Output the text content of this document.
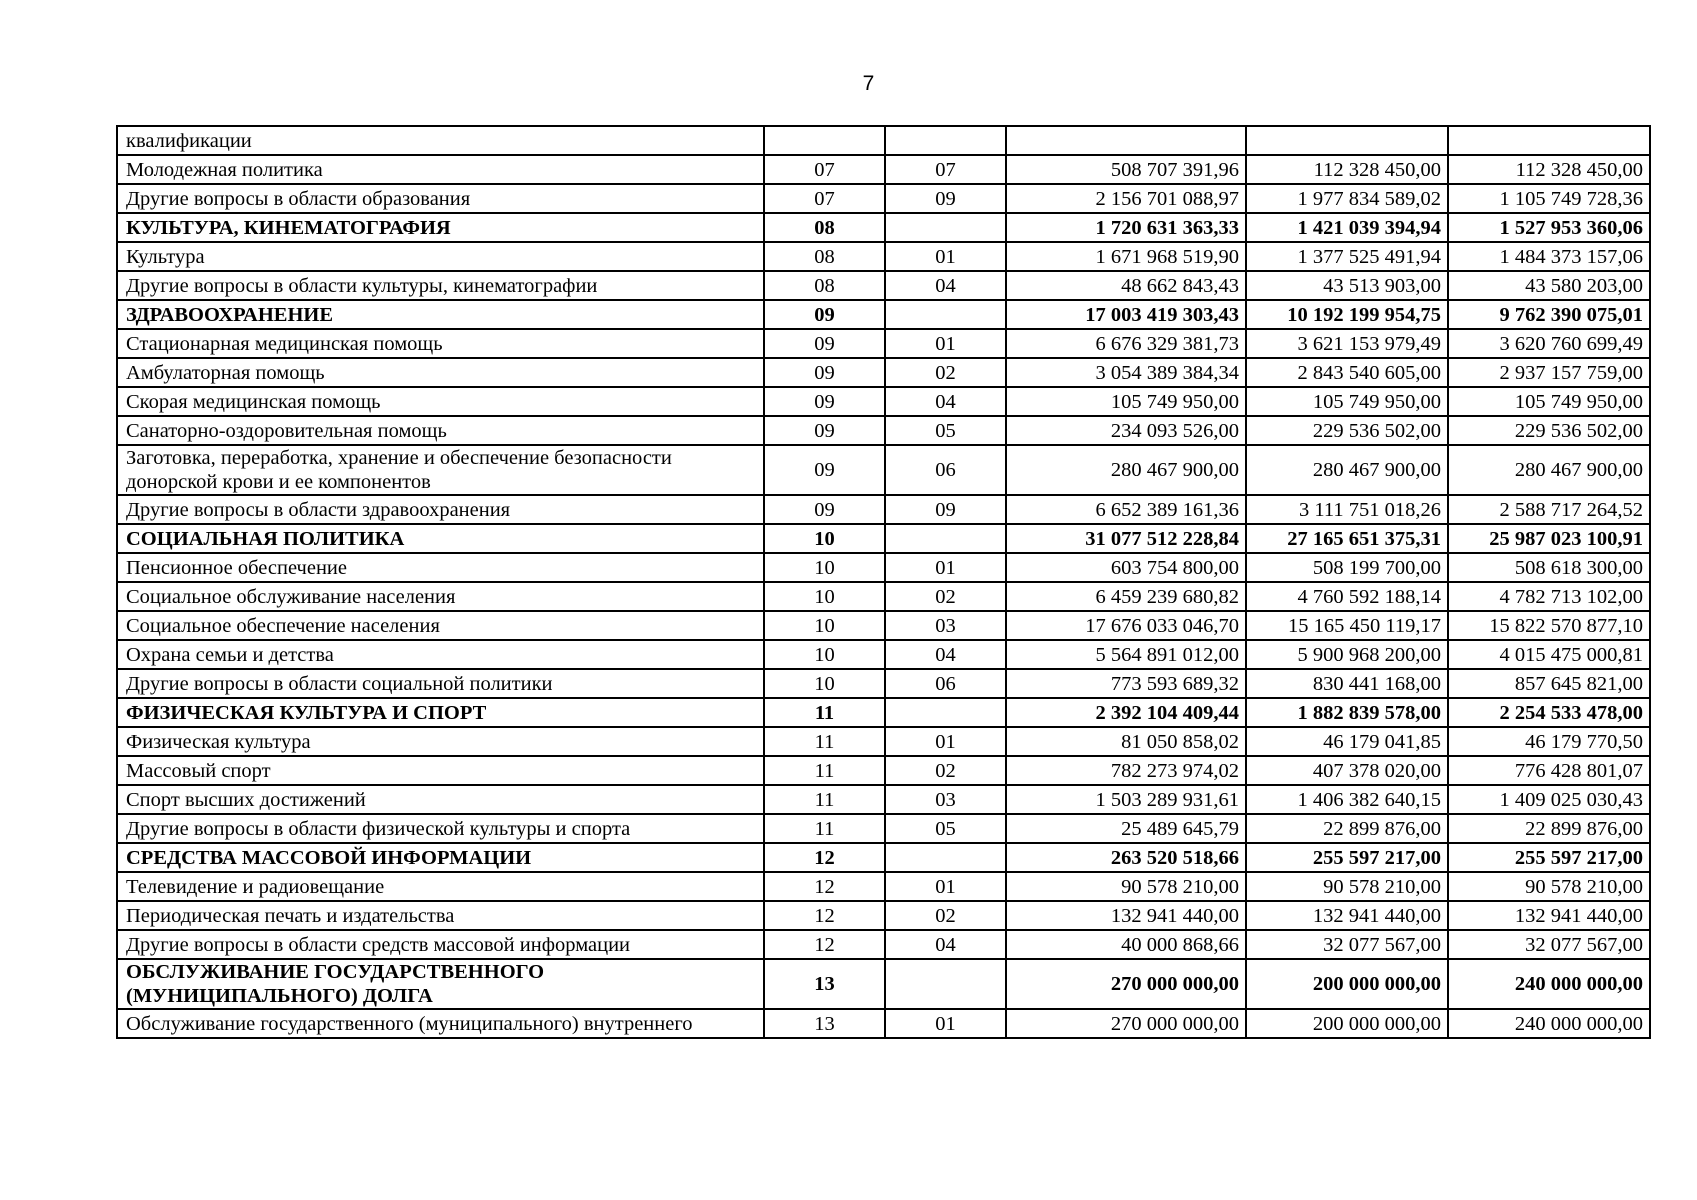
7
квалификации					
Молодежная политика	07	07	508 707 391,96	112 328 450,00	112 328 450,00
Другие вопросы в области образования	07	09	2 156 701 088,97	1 977 834 589,02	1 105 749 728,36
КУЛЬТУРА, КИНЕМАТОГРАФИЯ	08		1 720 631 363,33	1 421 039 394,94	1 527 953 360,06
Культура	08	01	1 671 968 519,90	1 377 525 491,94	1 484 373 157,06
Другие вопросы в области культуры, кинематографии	08	04	48 662 843,43	43 513 903,00	43 580 203,00
ЗДРАВООХРАНЕНИЕ	09		17 003 419 303,43	10 192 199 954,75	9 762 390 075,01
Стационарная медицинская помощь	09	01	6 676 329 381,73	3 621 153 979,49	3 620 760 699,49
Амбулаторная помощь	09	02	3 054 389 384,34	2 843 540 605,00	2 937 157 759,00
Скорая медицинская помощь	09	04	105 749 950,00	105 749 950,00	105 749 950,00
Санаторно-оздоровительная помощь	09	05	234 093 526,00	229 536 502,00	229 536 502,00
Заготовка, переработка, хранение и обеспечение безопасности донорской крови и ее компонентов	09	06	280 467 900,00	280 467 900,00	280 467 900,00
Другие вопросы в области здравоохранения	09	09	6 652 389 161,36	3 111 751 018,26	2 588 717 264,52
СОЦИАЛЬНАЯ ПОЛИТИКА	10		31 077 512 228,84	27 165 651 375,31	25 987 023 100,91
Пенсионное обеспечение	10	01	603 754 800,00	508 199 700,00	508 618 300,00
Социальное обслуживание населения	10	02	6 459 239 680,82	4 760 592 188,14	4 782 713 102,00
Социальное обеспечение населения	10	03	17 676 033 046,70	15 165 450 119,17	15 822 570 877,10
Охрана семьи и детства	10	04	5 564 891 012,00	5 900 968 200,00	4 015 475 000,81
Другие вопросы в области социальной политики	10	06	773 593 689,32	830 441 168,00	857 645 821,00
ФИЗИЧЕСКАЯ КУЛЬТУРА И СПОРТ	11		2 392 104 409,44	1 882 839 578,00	2 254 533 478,00
Физическая культура	11	01	81 050 858,02	46 179 041,85	46 179 770,50
Массовый спорт	11	02	782 273 974,02	407 378 020,00	776 428 801,07
Спорт высших достижений	11	03	1 503 289 931,61	1 406 382 640,15	1 409 025 030,43
Другие вопросы в области физической культуры и спорта	11	05	25 489 645,79	22 899 876,00	22 899 876,00
СРЕДСТВА МАССОВОЙ ИНФОРМАЦИИ	12		263 520 518,66	255 597 217,00	255 597 217,00
Телевидение и радиовещание	12	01	90 578 210,00	90 578 210,00	90 578 210,00
Периодическая печать и издательства	12	02	132 941 440,00	132 941 440,00	132 941 440,00
Другие вопросы в области средств массовой информации	12	04	40 000 868,66	32 077 567,00	32 077 567,00
ОБСЛУЖИВАНИЕ ГОСУДАРСТВЕННОГО (МУНИЦИПАЛЬНОГО) ДОЛГА	13		270 000 000,00	200 000 000,00	240 000 000,00
Обслуживание государственного (муниципального) внутреннего	13	01	270 000 000,00	200 000 000,00	240 000 000,00
